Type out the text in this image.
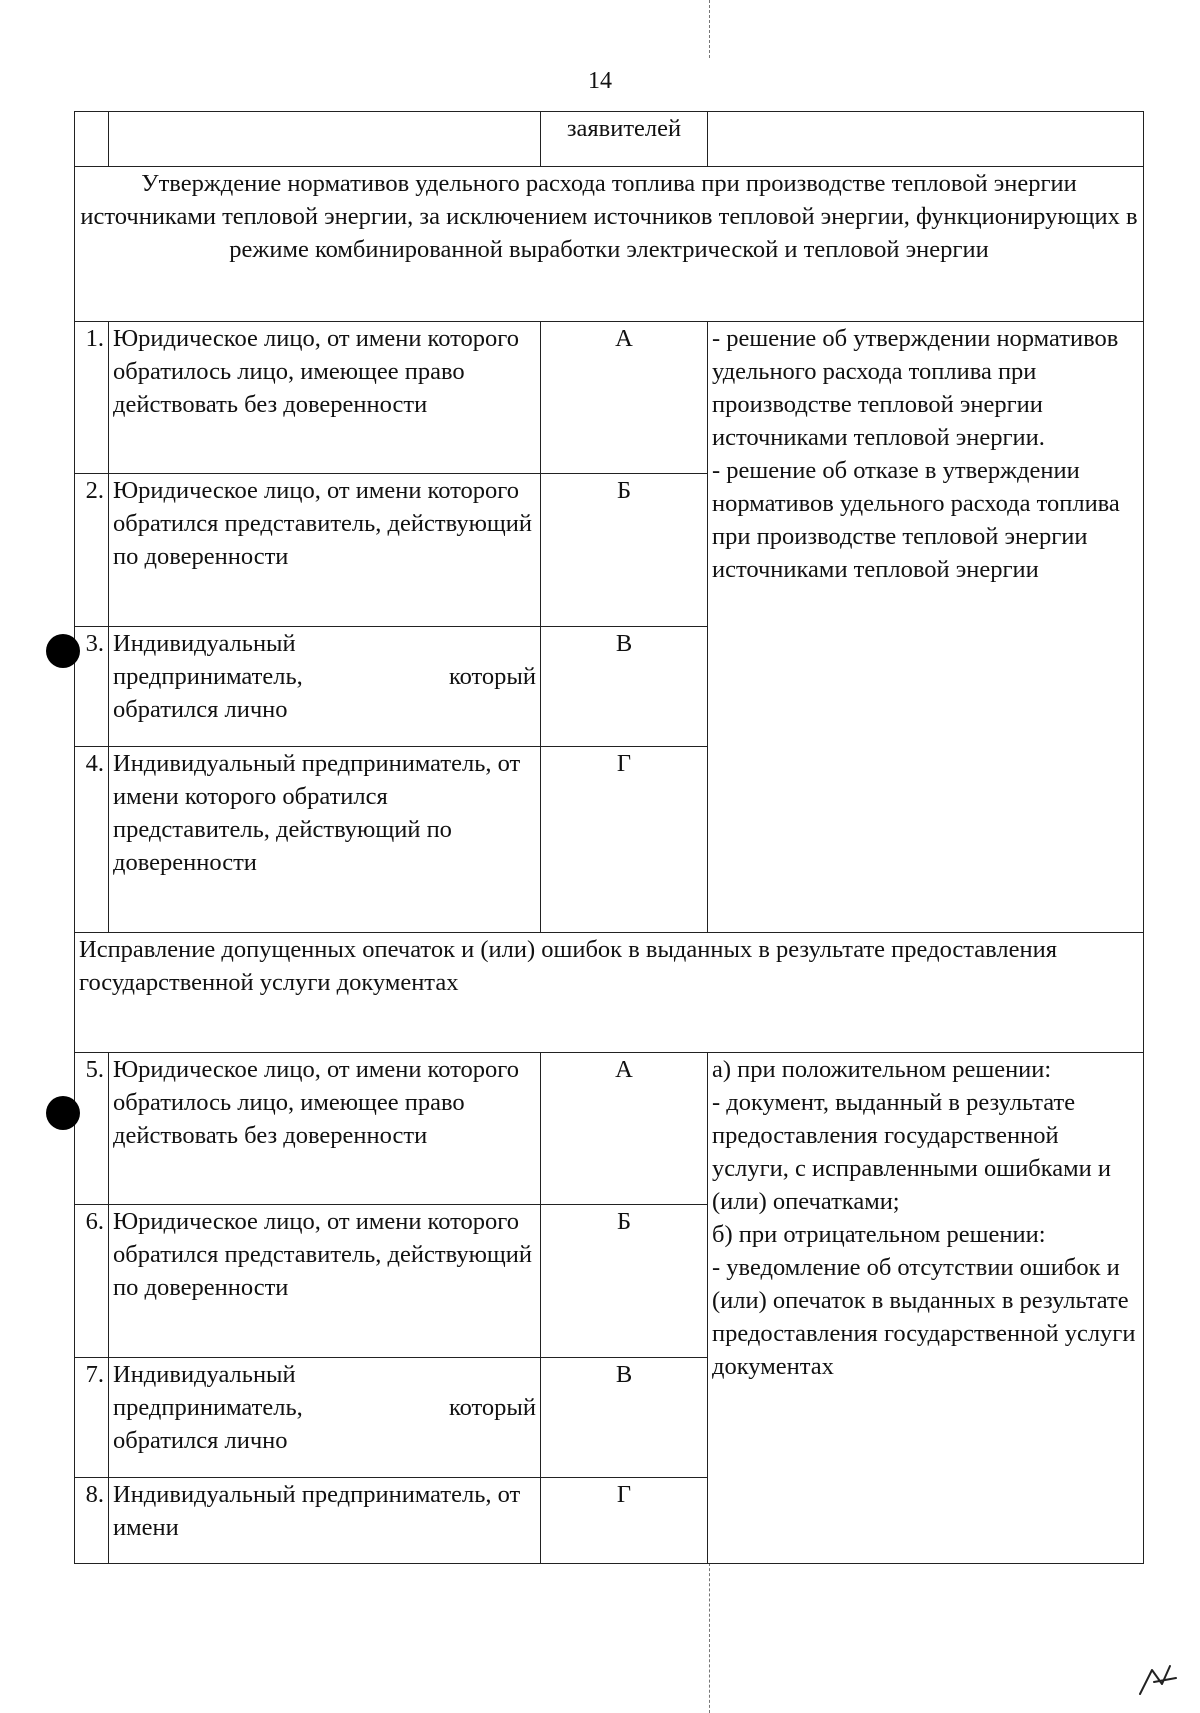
14
		заявителей	
Утверждение нормативов удельного расхода топлива при производстве тепловой энергии источниками тепловой энергии, за исключением источников тепловой энергии, функционирующих в режиме комбинированной выработки электрической и тепловой энергии			
1.	Юридическое лицо, от имени которого обратилось лицо, имеющее право действовать без доверенности	А	- решение об утверждении нормативов удельного расхода топлива при производстве тепловой энергии источниками тепловой энергии.
- решение об отказе в утверждении нормативов удельного расхода топлива при производстве тепловой энергии источниками тепловой энергии
2.	Юридическое лицо, от имени которого обратился представитель, действующий по доверенности	Б	
3.	Индивидуальный
предприниматель, который
обратился лично	В	
4.	Индивидуальный предприниматель, от имени которого обратился представитель, действующий по доверенности	Г	
Исправление допущенных опечаток и (или) ошибок в выданных в результате предоставления государственной услуги документах			
5.	Юридическое лицо, от имени которого обратилось лицо, имеющее право действовать без доверенности	А	а) при положительном решении:
- документ, выданный в результате предоставления государственной услуги, с исправленными ошибками и (или) опечатками;
б) при отрицательном решении:
- уведомление об отсутствии ошибок и (или) опечаток в выданных в результате предоставления государственной услуги документах
6.	Юридическое лицо, от имени которого обратился представитель, действующий по доверенности	Б	
7.	Индивидуальный
предприниматель, который
обратился лично	В	
8.	Индивидуальный предприниматель, от имени	Г	
